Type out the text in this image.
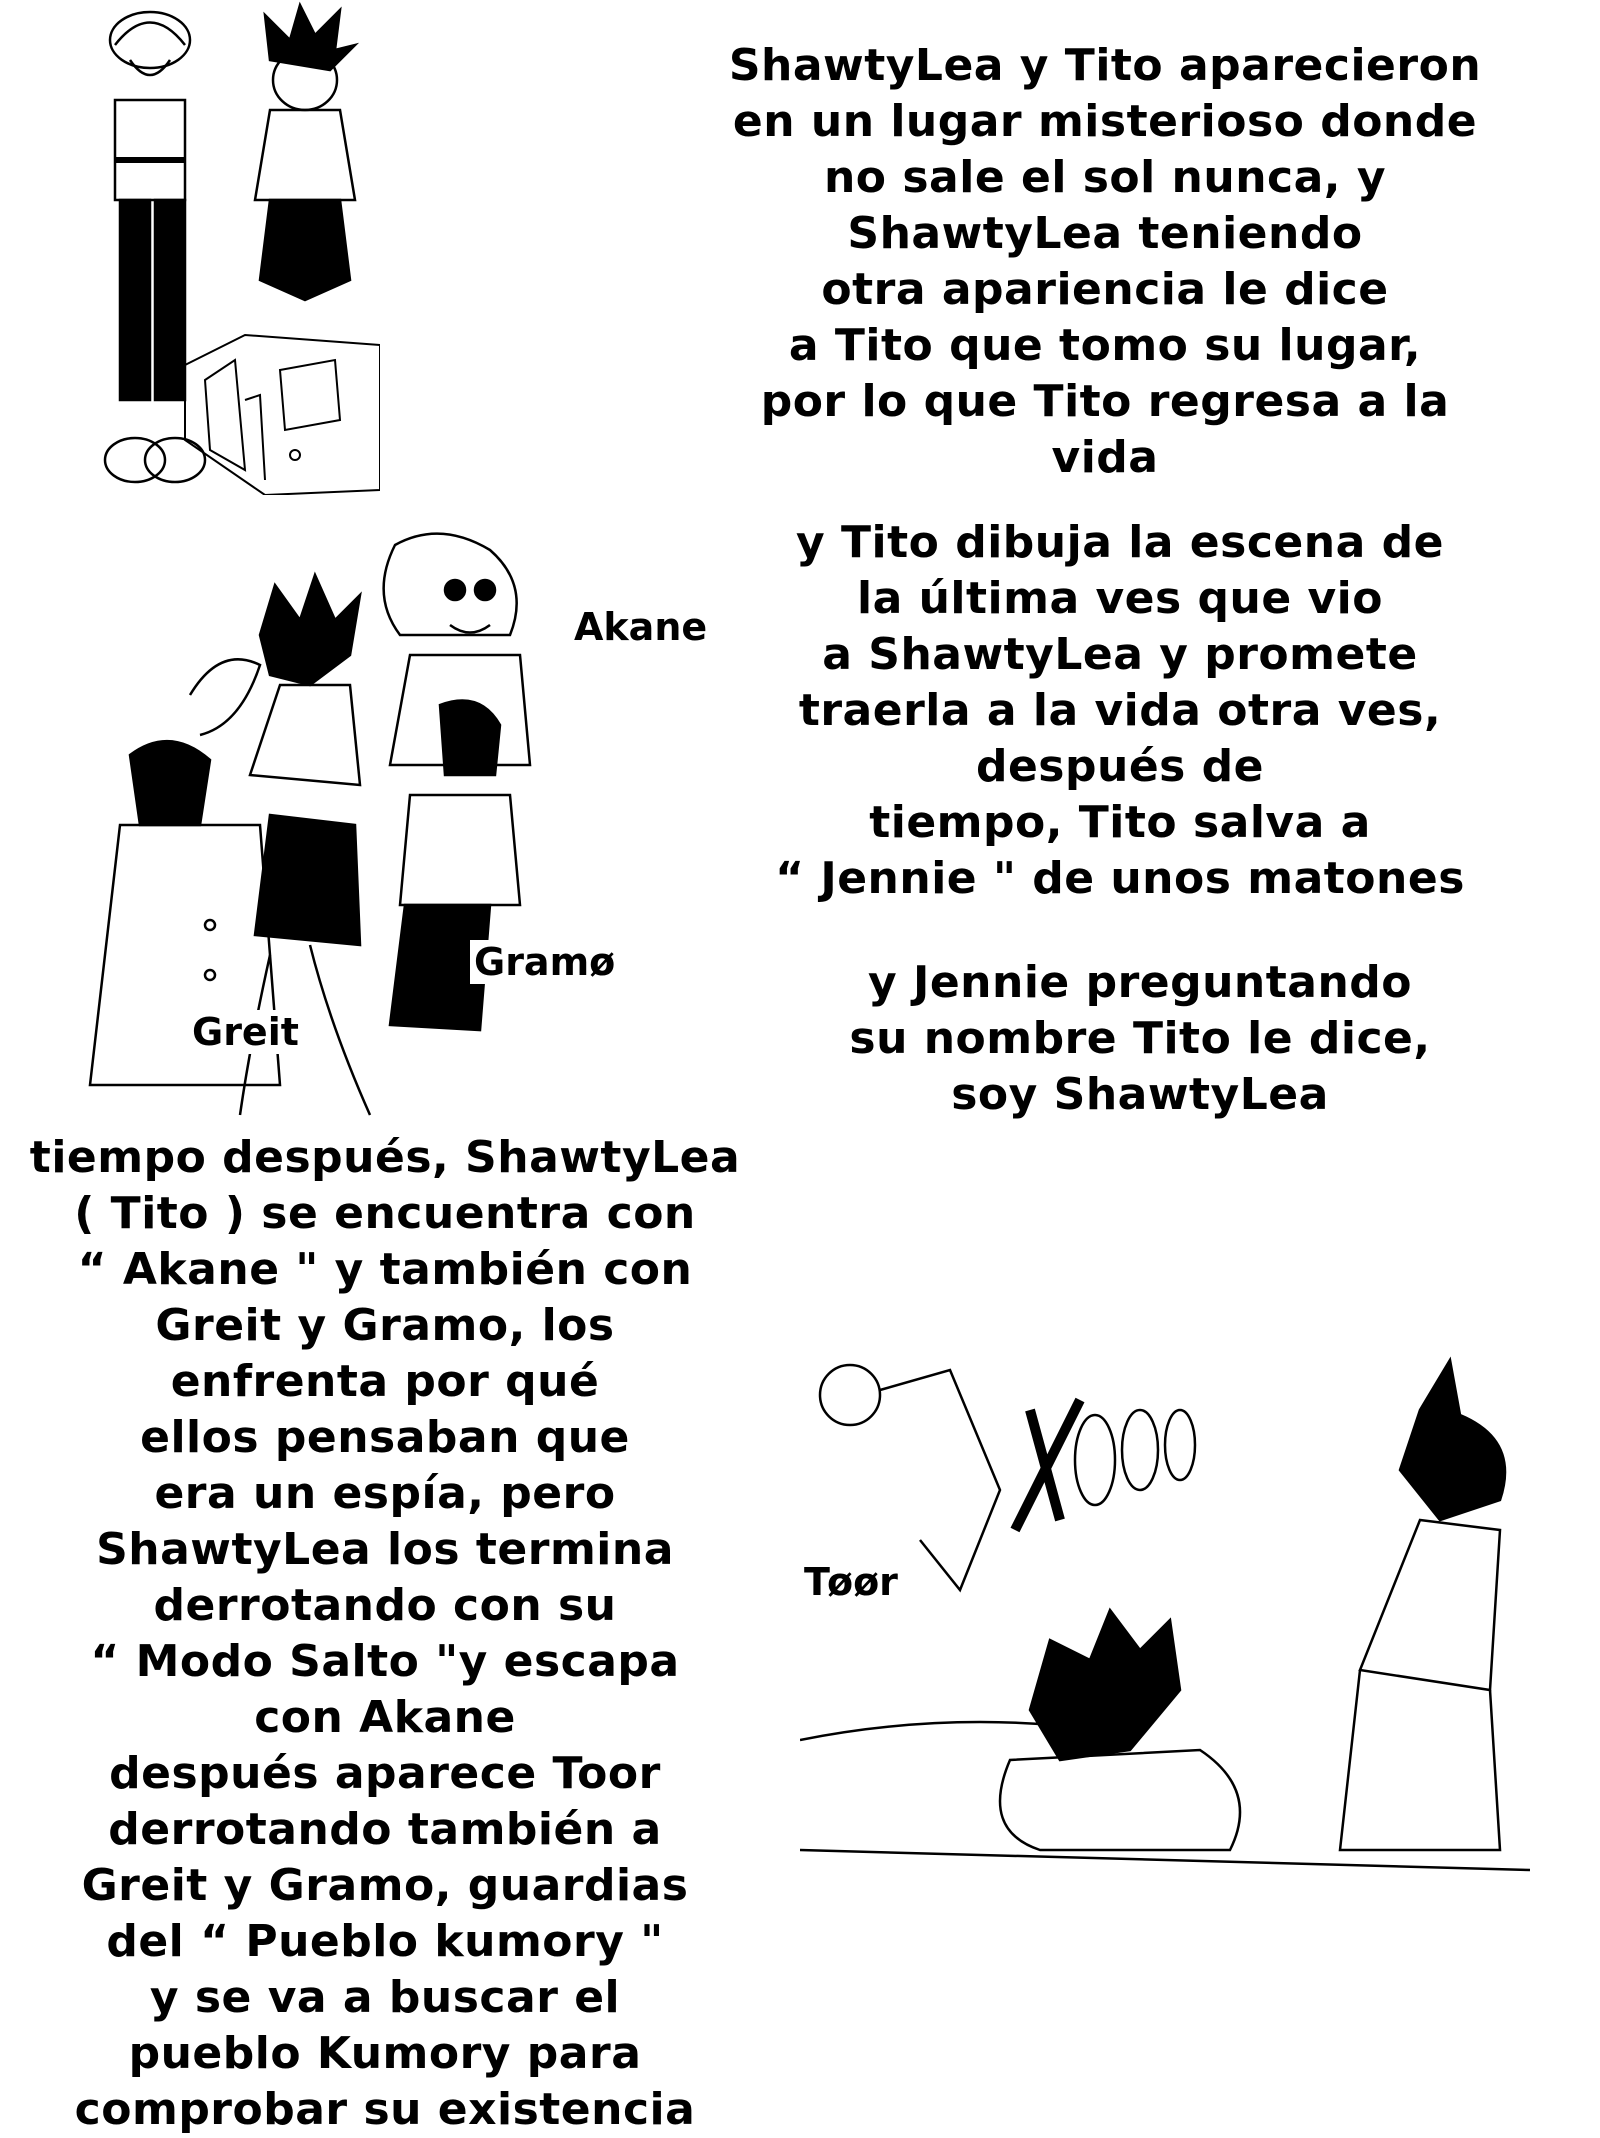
Akane
Gramø
Greit
Tøør
ShawtyLea y Tito aparecieron
en un lugar misterioso donde
no sale el sol nunca, y
ShawtyLea teniendo
otra apariencia le dice
a Tito que tomo su lugar,
por lo que Tito regresa a la
vida
y Tito dibuja la escena de
la última ves que vio
a ShawtyLea y promete
traerla a la vida otra ves,
después de
tiempo, Tito salva a
“ Jennie " de unos matones
y Jennie preguntando
su nombre Tito le dice,
soy ShawtyLea
tiempo después, ShawtyLea
( Tito ) se encuentra con
“ Akane " y también con
Greit y Gramo, los
enfrenta por qué
ellos pensaban que
era un espía, pero
ShawtyLea los termina
derrotando con su
“ Modo Salto "y escapa
con Akane
después aparece Toor
derrotando también a
Greit y Gramo, guardias
del “ Pueblo kumory "
y se va a buscar el
pueblo Kumory para
comprobar su existencia
